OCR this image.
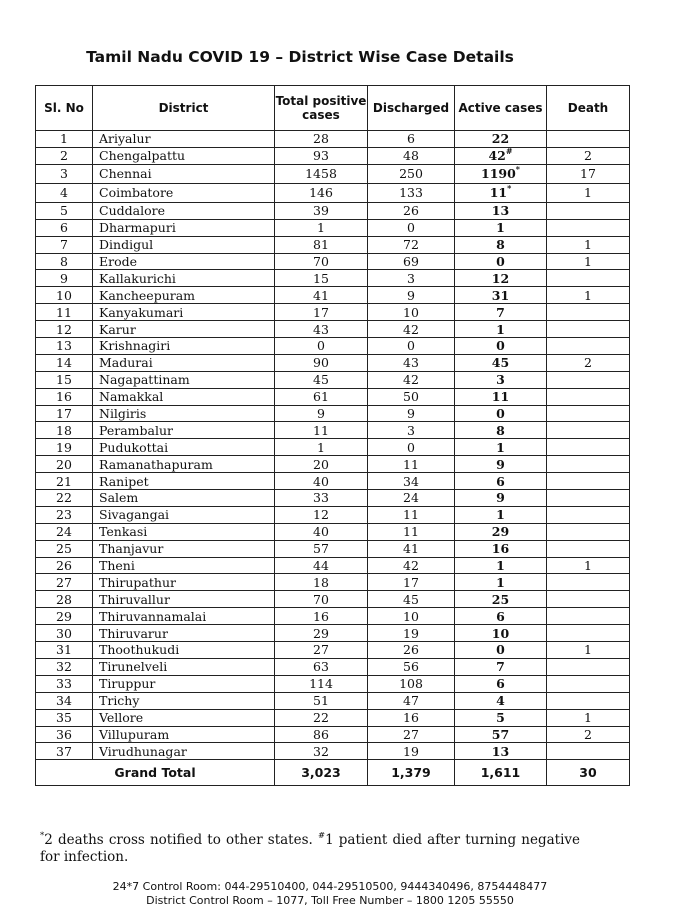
Tamil Nadu COVID 19 – District Wise Case Details
Sl. No	District	Total positive cases	Discharged	Active cases	Death
1	Ariyalur	28	6	22	
2	Chengalpattu	93	48	42#	2
3	Chennai	1458	250	1190*	17
4	Coimbatore	146	133	11*	1
5	Cuddalore	39	26	13	
6	Dharmapuri	1	0	1	
7	Dindigul	81	72	8	1
8	Erode	70	69	0	1
9	Kallakurichi	15	3	12	
10	Kancheepuram	41	9	31	1
11	Kanyakumari	17	10	7	
12	Karur	43	42	1	
13	Krishnagiri	0	0	0	
14	Madurai	90	43	45	2
15	Nagapattinam	45	42	3	
16	Namakkal	61	50	11	
17	Nilgiris	9	9	0	
18	Perambalur	11	3	8	
19	Pudukottai	1	0	1	
20	Ramanathapuram	20	11	9	
21	Ranipet	40	34	6	
22	Salem	33	24	9	
23	Sivagangai	12	11	1	
24	Tenkasi	40	11	29	
25	Thanjavur	57	41	16	
26	Theni	44	42	1	1
27	Thirupathur	18	17	1	
28	Thiruvallur	70	45	25	
29	Thiruvannamalai	16	10	6	
30	Thiruvarur	29	19	10	
31	Thoothukudi	27	26	0	1
32	Tirunelveli	63	56	7	
33	Tiruppur	114	108	6	
34	Trichy	51	47	4	
35	Vellore	22	16	5	1
36	Villupuram	86	27	57	2
37	Virudhunagar	32	19	13	
Grand Total		3,023	1,379	1,611	30
*2 deaths cross notified to other states. #1 patient died after turning negative for infection.
24*7 Control Room: 044-29510400, 044-29510500, 9444340496, 8754448477
District Control Room – 1077, Toll Free Number – 1800 1205 55550
